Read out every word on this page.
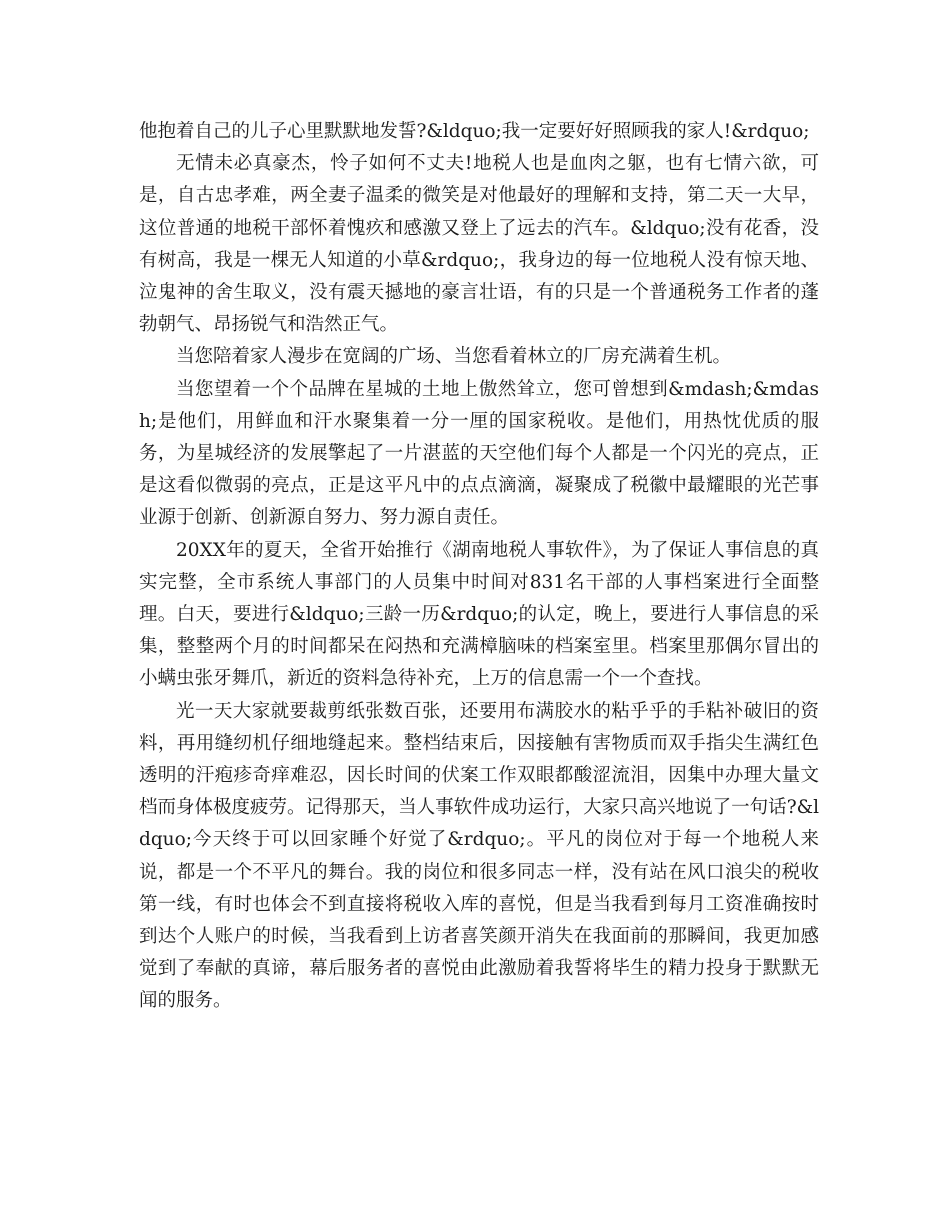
他抱着自己的儿子心里默默地发誓?&ldquo;我一定要好好照顾我的家人!&rdquo;

无情未必真豪杰，怜子如何不丈夫!地税人也是血肉之躯，也有七情六欲，可是，自古忠孝难，两全妻子温柔的微笑是对他最好的理解和支持，第二天一大早，这位普通的地税干部怀着愧疚和感激又登上了远去的汽车。&ldquo;没有花香，没有树高，我是一棵无人知道的小草&rdquo;，我身边的每一位地税人没有惊天地、泣鬼神的舍生取义，没有震天撼地的豪言壮语，有的只是一个普通税务工作者的蓬勃朝气、昂扬锐气和浩然正气。

当您陪着家人漫步在宽阔的广场、当您看着林立的厂房充满着生机。

当您望着一个个品牌在星城的土地上傲然耸立，您可曾想到&mdash;&mdash;是他们，用鲜血和汗水聚集着一分一厘的国家税收。是他们，用热忱优质的服务，为星城经济的发展擎起了一片湛蓝的天空他们每个人都是一个闪光的亮点，正是这看似微弱的亮点，正是这平凡中的点点滴滴，凝聚成了税徽中最耀眼的光芒事业源于创新、创新源自努力、努力源自责任。

20XX年的夏天，全省开始推行《湖南地税人事软件》，为了保证人事信息的真实完整，全市系统人事部门的人员集中时间对831名干部的人事档案进行全面整理。白天，要进行&ldquo;三龄一历&rdquo;的认定，晚上，要进行人事信息的采集，整整两个月的时间都呆在闷热和充满樟脑味的档案室里。档案里那偶尔冒出的小螨虫张牙舞爪，新近的资料急待补充，上万的信息需一个一个查找。

光一天大家就要裁剪纸张数百张，还要用布满胶水的粘乎乎的手粘补破旧的资料，再用缝纫机仔细地缝起来。整档结束后，因接触有害物质而双手指尖生满红色透明的汗疱疹奇痒难忍，因长时间的伏案工作双眼都酸涩流泪，因集中办理大量文档而身体极度疲劳。记得那天，当人事软件成功运行，大家只高兴地说了一句话?&ldquo;今天终于可以回家睡个好觉了&rdquo;。平凡的岗位对于每一个地税人来说，都是一个不平凡的舞台。我的岗位和很多同志一样，没有站在风口浪尖的税收第一线，有时也体会不到直接将税收入库的喜悦，但是当我看到每月工资准确按时到达个人账户的时候，当我看到上访者喜笑颜开消失在我面前的那瞬间，我更加感觉到了奉献的真谛，幕后服务者的喜悦由此激励着我誓将毕生的精力投身于默默无闻的服务。
